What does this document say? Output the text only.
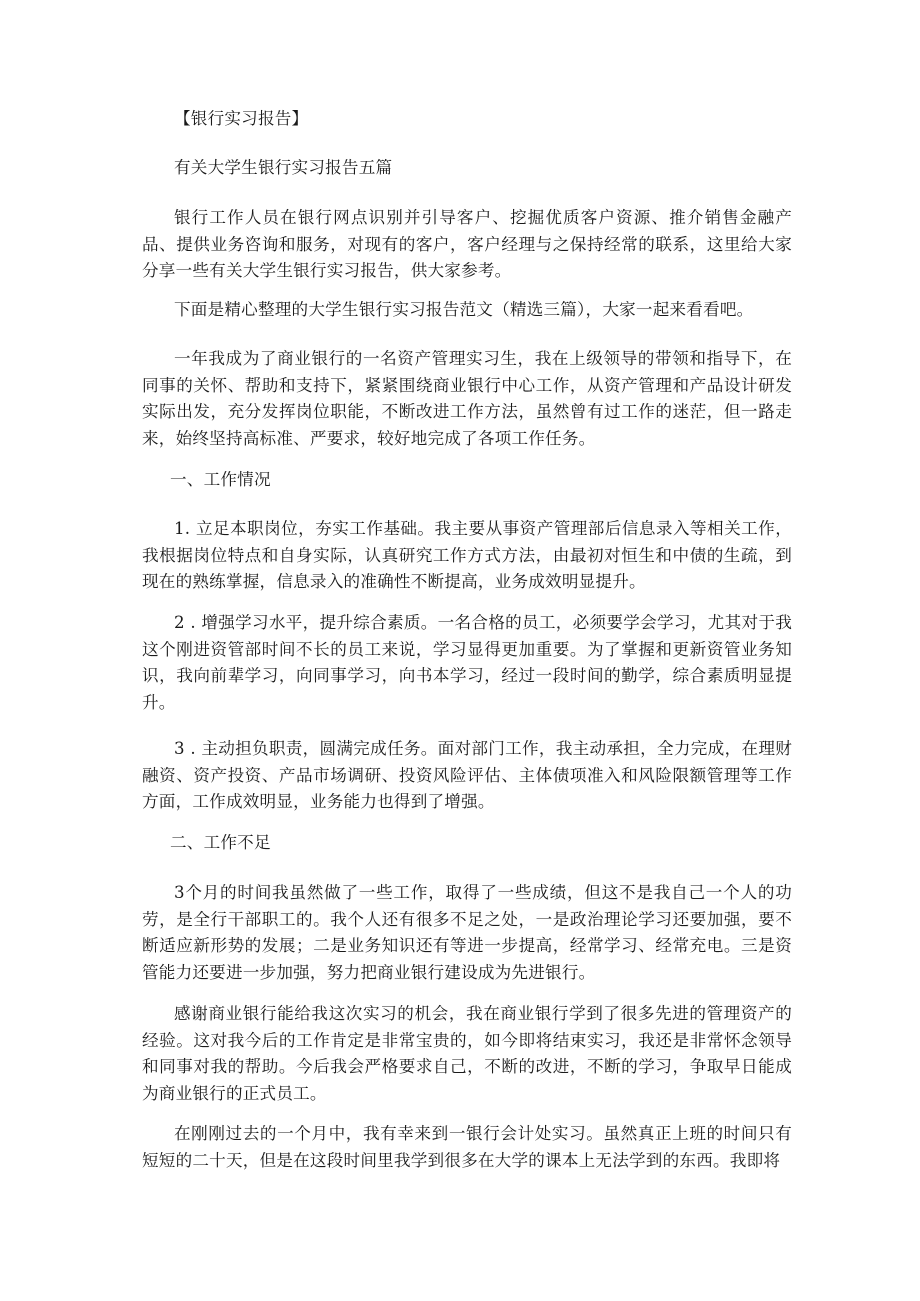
【银行实习报告】

有关大学生银行实习报告五篇

银行工作人员在银行网点识别并引导客户、挖掘优质客户资源、推介销售金融产品、提供业务咨询和服务，对现有的客户，客户经理与之保持经常的联系，这里给大家分享一些有关大学生银行实习报告，供大家参考。

下面是精心整理的大学生银行实习报告范文（精选三篇），大家一起来看看吧。

一年我成为了商业银行的一名资产管理实习生，我在上级领导的带领和指导下，在同事的关怀、帮助和支持下，紧紧围绕商业银行中心工作，从资产管理和产品设计研发实际出发，充分发挥岗位职能，不断改进工作方法，虽然曾有过工作的迷茫，但一路走来，始终坚持高标准、严要求，较好地完成了各项工作任务。

一、工作情况

1. 立足本职岗位，夯实工作基础。我主要从事资产管理部后信息录入等相关工作，我根据岗位特点和自身实际，认真研究工作方式方法，由最初对恒生和中债的生疏，到现在的熟练掌握，信息录入的准确性不断提高，业务成效明显提升。

2 . 增强学习水平，提升综合素质。一名合格的员工，必须要学会学习，尤其对于我这个刚进资管部时间不长的员工来说，学习显得更加重要。为了掌握和更新资管业务知识，我向前辈学习，向同事学习，向书本学习，经过一段时间的勤学，综合素质明显提升。

3 . 主动担负职责，圆满完成任务。面对部门工作，我主动承担，全力完成，在理财融资、资产投资、产品市场调研、投资风险评估、主体债项准入和风险限额管理等工作方面，工作成效明显，业务能力也得到了增强。

二、工作不足

3个月的时间我虽然做了一些工作，取得了一些成绩，但这不是我自己一个人的功劳，是全行干部职工的。我个人还有很多不足之处，一是政治理论学习还要加强，要不断适应新形势的发展；二是业务知识还有等进一步提高，经常学习、经常充电。三是资管能力还要进一步加强，努力把商业银行建设成为先进银行。

感谢商业银行能给我这次实习的机会，我在商业银行学到了很多先进的管理资产的经验。这对我今后的工作肯定是非常宝贵的，如今即将结束实习，我还是非常怀念领导和同事对我的帮助。今后我会严格要求自己，不断的改进，不断的学习，争取早日能成为商业银行的正式员工。

在刚刚过去的一个月中，我有幸来到一银行会计处实习。虽然真正上班的时间只有短短的二十天，但是在这段时间里我学到很多在大学的课本上无法学到的东西。我即将
